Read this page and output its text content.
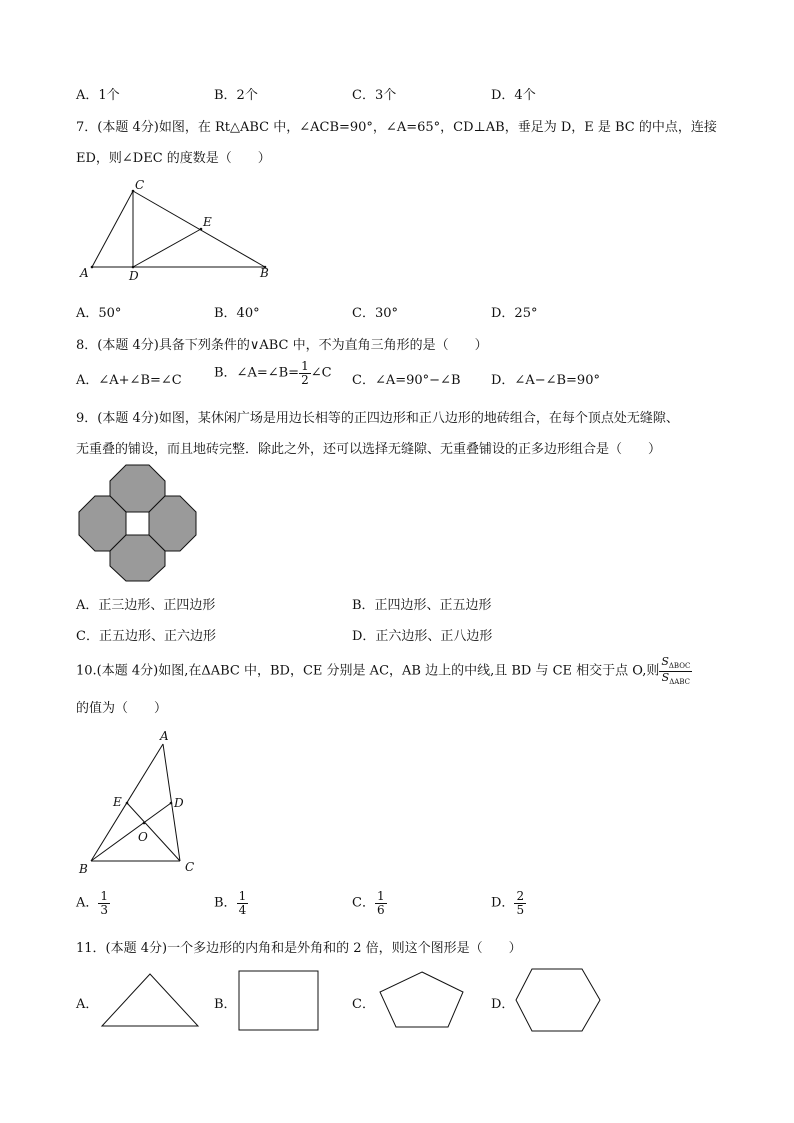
A．1个	B．2个	C．3个	D．4个
7．(本题 4分)如图，在 Rt△ABC 中，∠ACB=90°，∠A=65°，CD⊥AB，垂足为 D，E 是 BC 的中点，连接
ED，则∠DEC 的度数是（　　）
C
E
A	D	B
A．50°	B．40°	C．30°	D．25°
8．(本题 4分)具备下列条件的∨ABC 中，不为直角三角形的是（　　）
A．∠A+∠B=∠C B．∠A=∠B= $\frac{1}{2}$ ∠C C．∠A=90°−∠B D．∠A−∠B=90°
9．(本题 4分)如图，某休闲广场是用边长相等的正四边形和正八边形的地砖组合，在每个顶点处无缝隙、
无重叠的铺设，而且地砖完整．除此之外，还可以选择无缝隙、无重叠铺设的正多边形组合是（　　）
A．正三边形、正四边形	B．正四边形、正五边形
C．正五边形、正六边形	D．正六边形、正八边形
10.(本题 4分)如图,在ΔABC 中，BD，CE 分别是 AC，AB 边上的中线,且 BD 与 CE 相交于点 O,则 $\frac{S_{\Delta BOC}}{S_{\Delta ABC}}$
的值为（　　）
A
E	D
O
B	C
A． $\frac{1}{3}$	B． $\frac{1}{4}$	C． $\frac{1}{6}$	D． $\frac{2}{5}$
11．(本题 4分)一个多边形的内角和是外角和的 2 倍，则这个图形是（　　）
A．	B．	C．	D．
